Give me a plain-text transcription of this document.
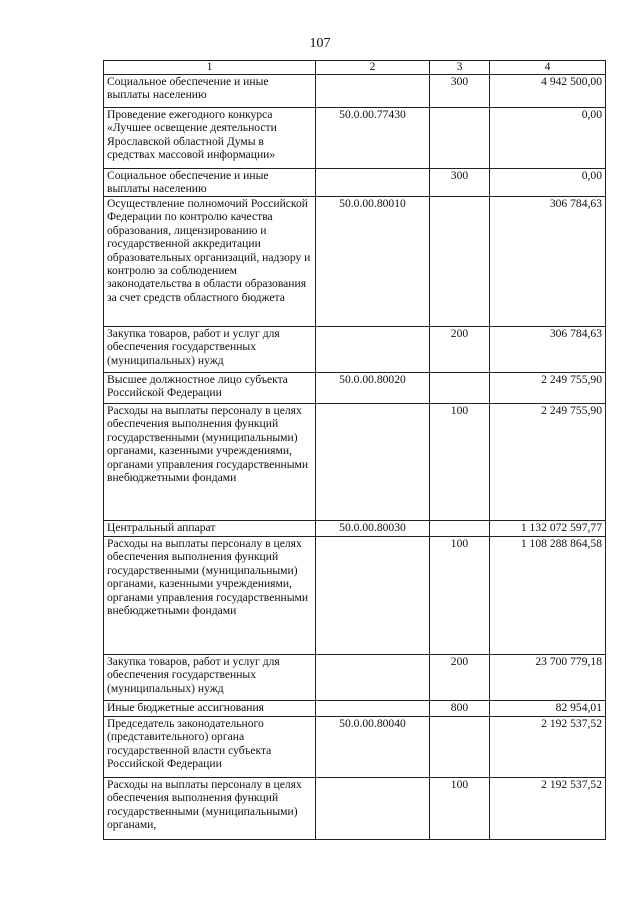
107
1	2	3	4
Социальное обеспечение и иные выплаты населению		300	4 942 500,00
Проведение ежегодного конкурса «Лучшее освещение деятельности Ярославской областной Думы в средствах массовой информации»	50.0.00.77430		0,00
Социальное обеспечение и иные выплаты населению		300	0,00
Осуществление полномочий Российской Федерации по контролю качества образования, лицензированию и государственной аккредитации образовательных организаций, надзору и контролю за соблюдением законодательства в области образования за счет средств областного бюджета	50.0.00.80010		306 784,63
Закупка товаров, работ и услуг для обеспечения государственных (муниципальных) нужд		200	306 784,63
Высшее должностное лицо субъекта Российской Федерации	50.0.00.80020		2 249 755,90
Расходы на выплаты персоналу в целях обеспечения выполнения функций государственными (муниципальными) органами, казенными учреждениями, органами управления государственными внебюджетными фондами		100	2 249 755,90
Центральный аппарат	50.0.00.80030		1 132 072 597,77
Расходы на выплаты персоналу в целях обеспечения выполнения функций государственными (муниципальными) органами, казенными учреждениями, органами управления государственными внебюджетными фондами		100	1 108 288 864,58
Закупка товаров, работ и услуг для обеспечения государственных (муниципальных) нужд		200	23 700 779,18
Иные бюджетные ассигнования		800	82 954,01
Председатель законодательного (представительного) органа государственной власти субъекта Российской Федерации	50.0.00.80040		2 192 537,52
Расходы на выплаты персоналу в целях обеспечения выполнения функций государственными (муниципальными) органами,		100	2 192 537,52
